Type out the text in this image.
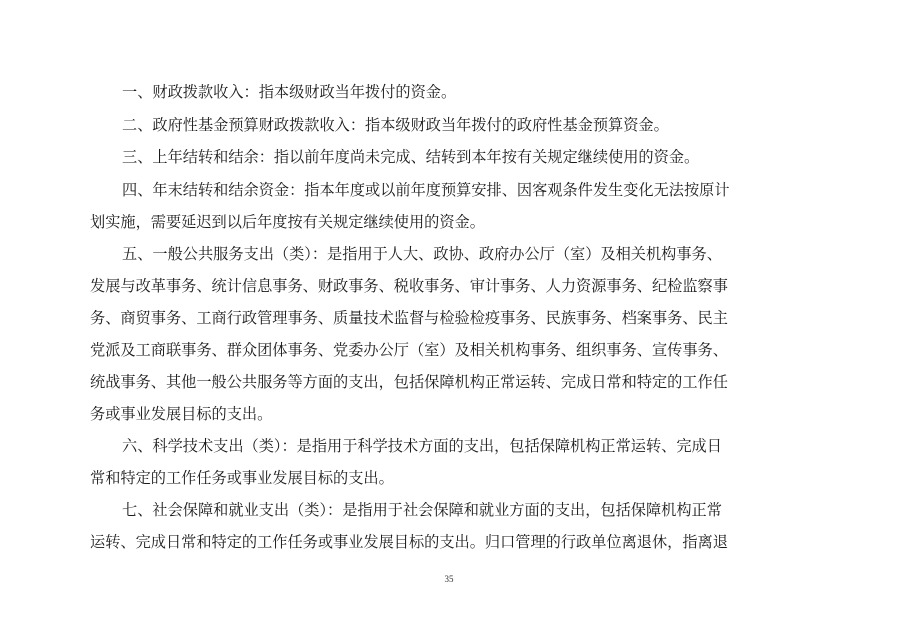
一、财政拨款收入：指本级财政当年拨付的资金。
二、政府性基金预算财政拨款收入：指本级财政当年拨付的政府性基金预算资金。
三、上年结转和结余：指以前年度尚未完成、结转到本年按有关规定继续使用的资金。
四、年末结转和结余资金：指本年度或以前年度预算安排、因客观条件发生变化无法按原计
划实施，需要延迟到以后年度按有关规定继续使用的资金。
五、一般公共服务支出（类）：是指用于人大、政协、政府办公厅（室）及相关机构事务、
发展与改革事务、统计信息事务、财政事务、税收事务、审计事务、人力资源事务、纪检监察事
务、商贸事务、工商行政管理事务、质量技术监督与检验检疫事务、民族事务、档案事务、民主
党派及工商联事务、群众团体事务、党委办公厅（室）及相关机构事务、组织事务、宣传事务、
统战事务、其他一般公共服务等方面的支出，包括保障机构正常运转、完成日常和特定的工作任
务或事业发展目标的支出。
六、科学技术支出（类）：是指用于科学技术方面的支出，包括保障机构正常运转、完成日
常和特定的工作任务或事业发展目标的支出。
七、社会保障和就业支出（类）：是指用于社会保障和就业方面的支出，包括保障机构正常
运转、完成日常和特定的工作任务或事业发展目标的支出。归口管理的行政单位离退休，指离退
35
